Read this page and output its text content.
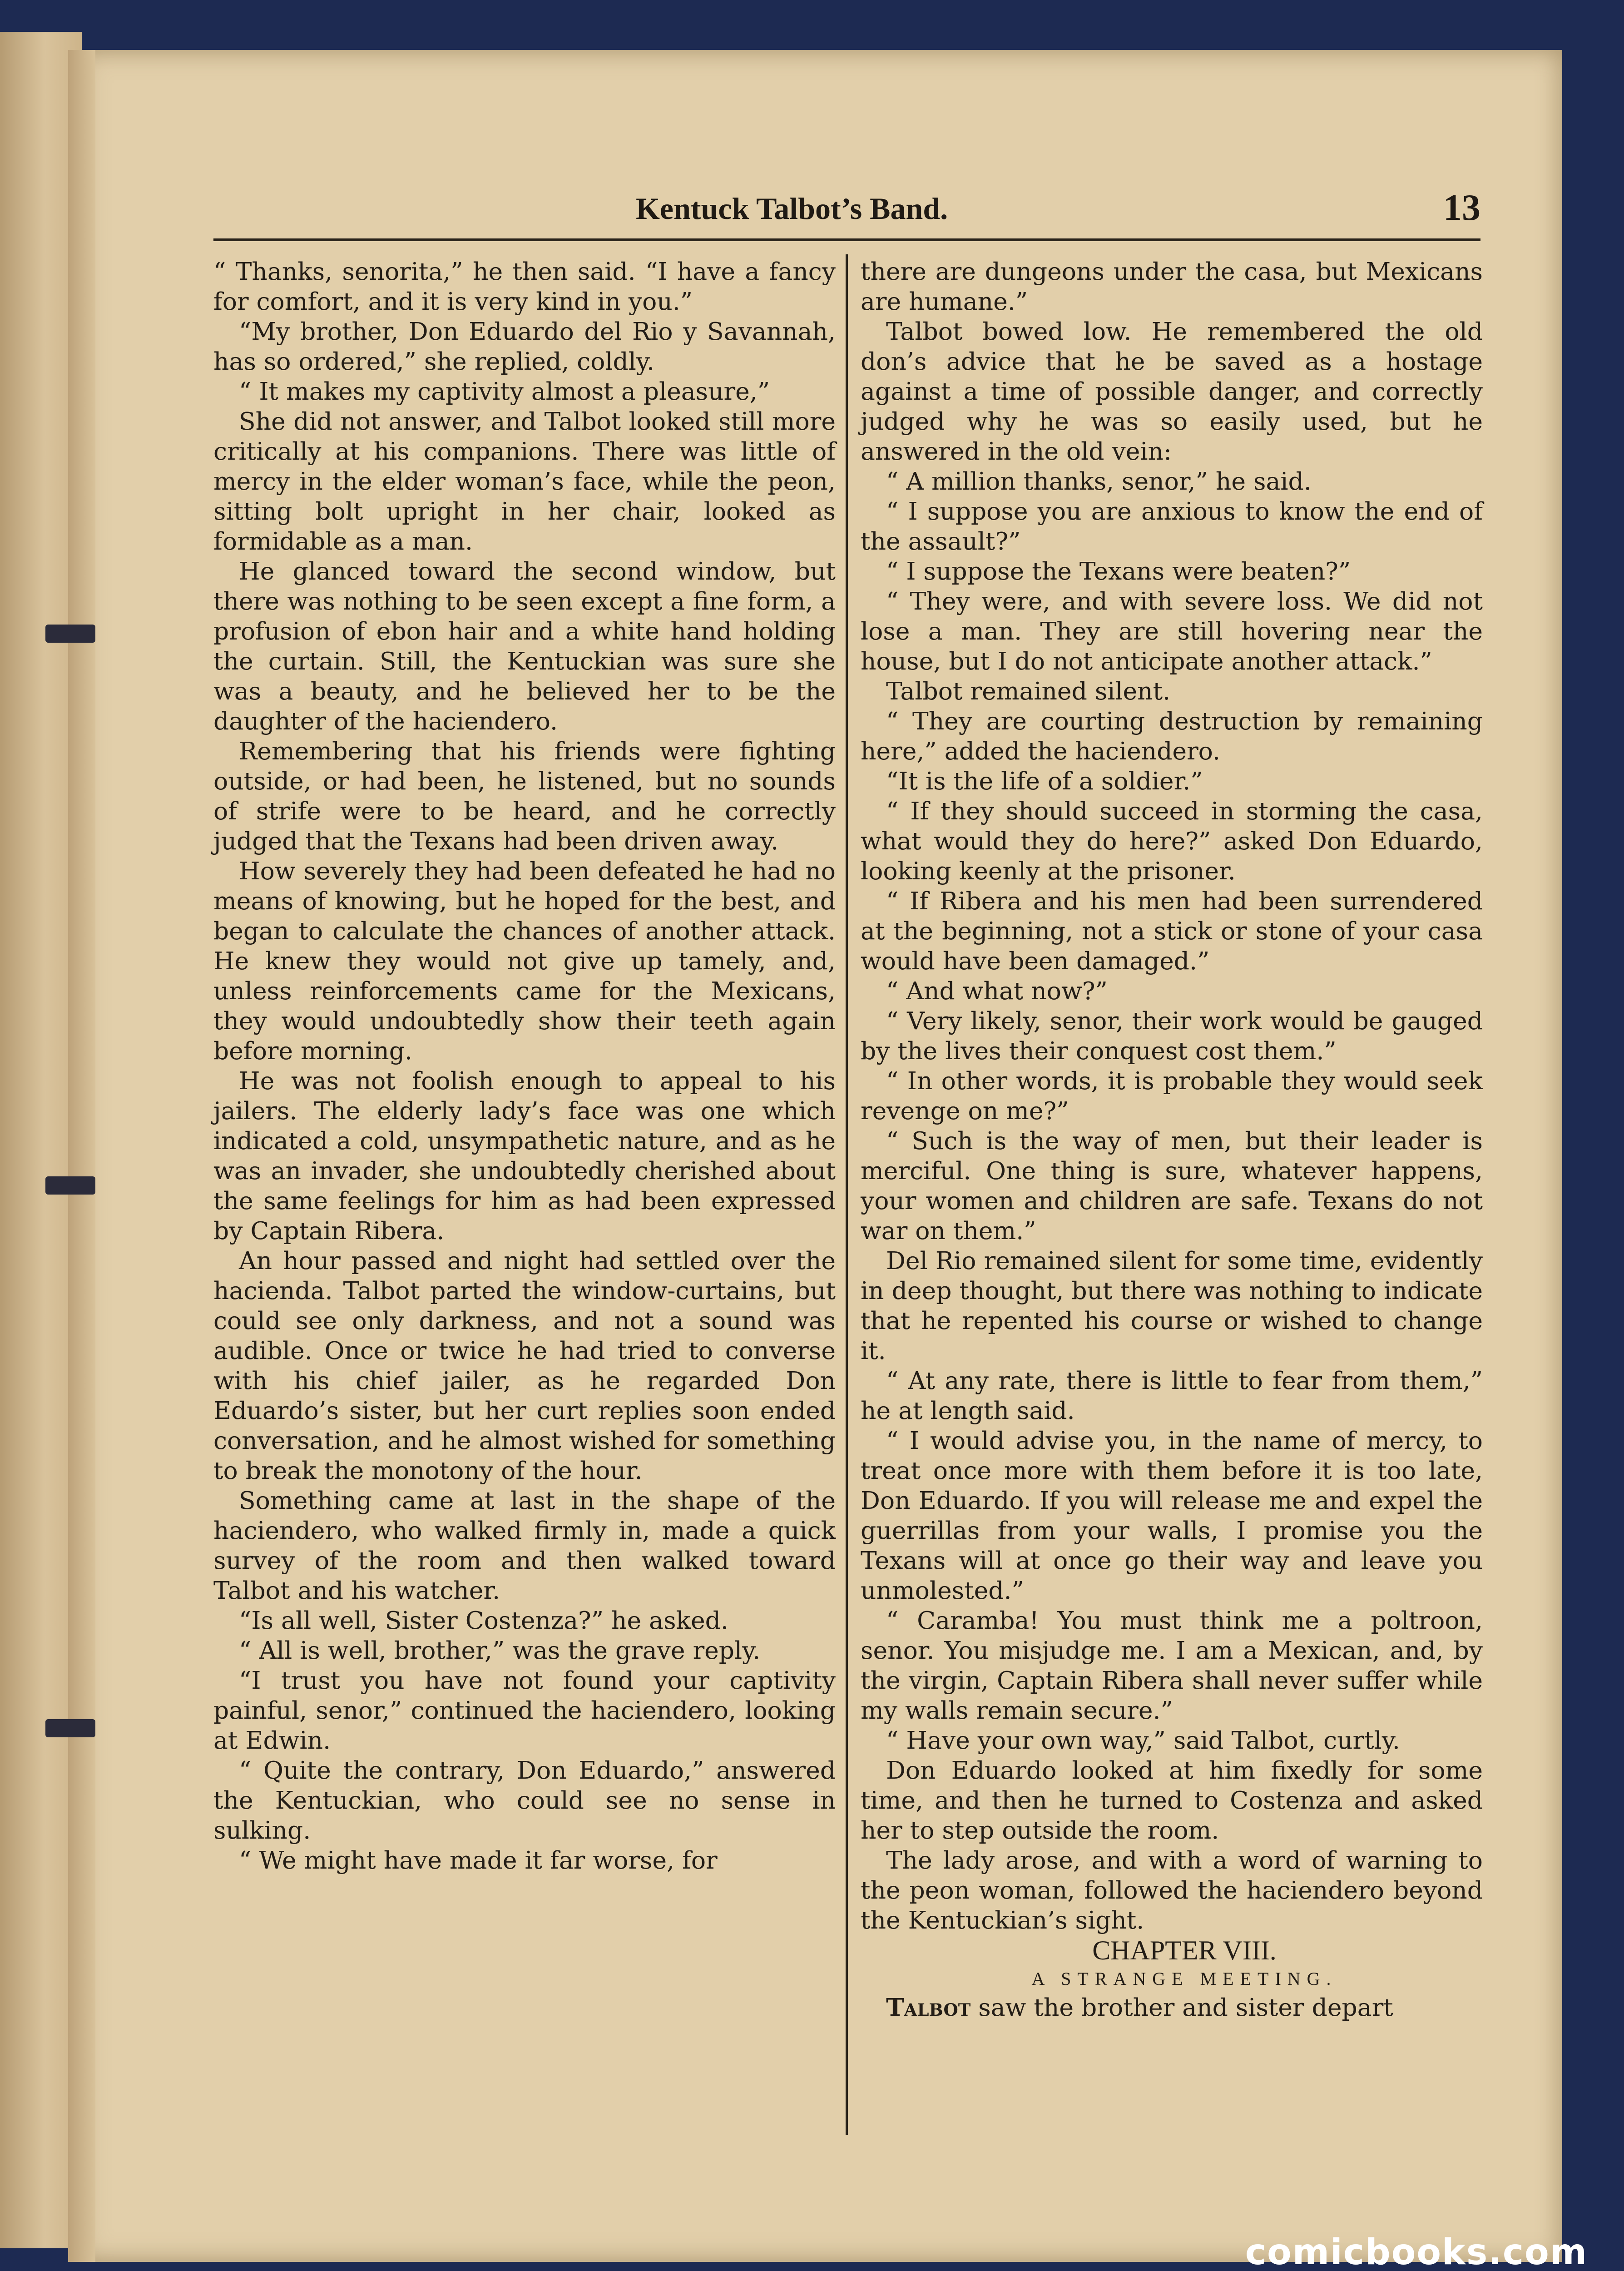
Kentuck Talbot’s Band.	13

“ Thanks, senorita,” he then said. “I have a fancy for comfort, and it is very kind in you.”

“My brother, Don Eduardo del Rio y Savannah, has so ordered,” she replied, coldly.

“ It makes my captivity almost a pleasure,”

She did not answer, and Talbot looked still more critically at his companions. There was little of mercy in the elder woman’s face, while the peon, sitting bolt upright in her chair, looked as formidable as a man.

He glanced toward the second window, but there was nothing to be seen except a fine form, a profusion of ebon hair and a white hand holding the curtain. Still, the Kentuckian was sure she was a beauty, and he believed her to be the daughter of the haciendero.

Remembering that his friends were fighting outside, or had been, he listened, but no sounds of strife were to be heard, and he correctly judged that the Texans had been driven away.

How severely they had been defeated he had no means of knowing, but he hoped for the best, and began to calculate the chances of another attack. He knew they would not give up tamely, and, unless reinforcements came for the Mexicans, they would undoubtedly show their teeth again before morning.

He was not foolish enough to appeal to his jailers. The elderly lady’s face was one which indicated a cold, unsympathetic nature, and as he was an invader, she undoubtedly cherished about the same feelings for him as had been expressed by Captain Ribera.

An hour passed and night had settled over the hacienda. Talbot parted the window-curtains, but could see only darkness, and not a sound was audible. Once or twice he had tried to converse with his chief jailer, as he regarded Don Eduardo’s sister, but her curt replies soon ended conversation, and he almost wished for something to break the monotony of the hour.

Something came at last in the shape of the haciendero, who walked firmly in, made a quick survey of the room and then walked toward Talbot and his watcher.

“Is all well, Sister Costenza?” he asked.

“ All is well, brother,” was the grave reply.

“I trust you have not found your captivity painful, senor,” continued the haciendero, looking at Edwin.

“ Quite the contrary, Don Eduardo,” answered the Kentuckian, who could see no sense in sulking.

“ We might have made it far worse, for

there are dungeons under the casa, but Mexicans are humane.”

Talbot bowed low. He remembered the old don’s advice that he be saved as a hostage against a time of possible danger, and correctly judged why he was so easily used, but he answered in the old vein:

“ A million thanks, senor,” he said.

“ I suppose you are anxious to know the end of the assault?”

“ I suppose the Texans were beaten?”

“ They were, and with severe loss. We did not lose a man. They are still hovering near the house, but I do not anticipate another attack.”

Talbot remained silent.

“ They are courting destruction by remaining here,” added the haciendero.

“It is the life of a soldier.”

“ If they should succeed in storming the casa, what would they do here?” asked Don Eduardo, looking keenly at the prisoner.

“ If Ribera and his men had been surrendered at the beginning, not a stick or stone of your casa would have been damaged.”

“ And what now?”

“ Very likely, senor, their work would be gauged by the lives their conquest cost them.”

“ In other words, it is probable they would seek revenge on me?”

“ Such is the way of men, but their leader is merciful. One thing is sure, whatever happens, your women and children are safe. Texans do not war on them.”

Del Rio remained silent for some time, evidently in deep thought, but there was nothing to indicate that he repented his course or wished to change it.

“ At any rate, there is little to fear from them,” he at length said.

“ I would advise you, in the name of mercy, to treat once more with them before it is too late, Don Eduardo. If you will release me and expel the guerrillas from your walls, I promise you the Texans will at once go their way and leave you unmolested.”

“ Caramba! You must think me a poltroon, senor. You misjudge me. I am a Mexican, and, by the virgin, Captain Ribera shall never suffer while my walls remain secure.”

“ Have your own way,” said Talbot, curtly.

Don Eduardo looked at him fixedly for some time, and then he turned to Costenza and asked her to step outside the room.

The lady arose, and with a word of warning to the peon woman, followed the haciendero beyond the Kentuckian’s sight.

CHAPTER VIII.

A STRANGE MEETING.

Talbot saw the brother and sister depart

comicbooks.com
